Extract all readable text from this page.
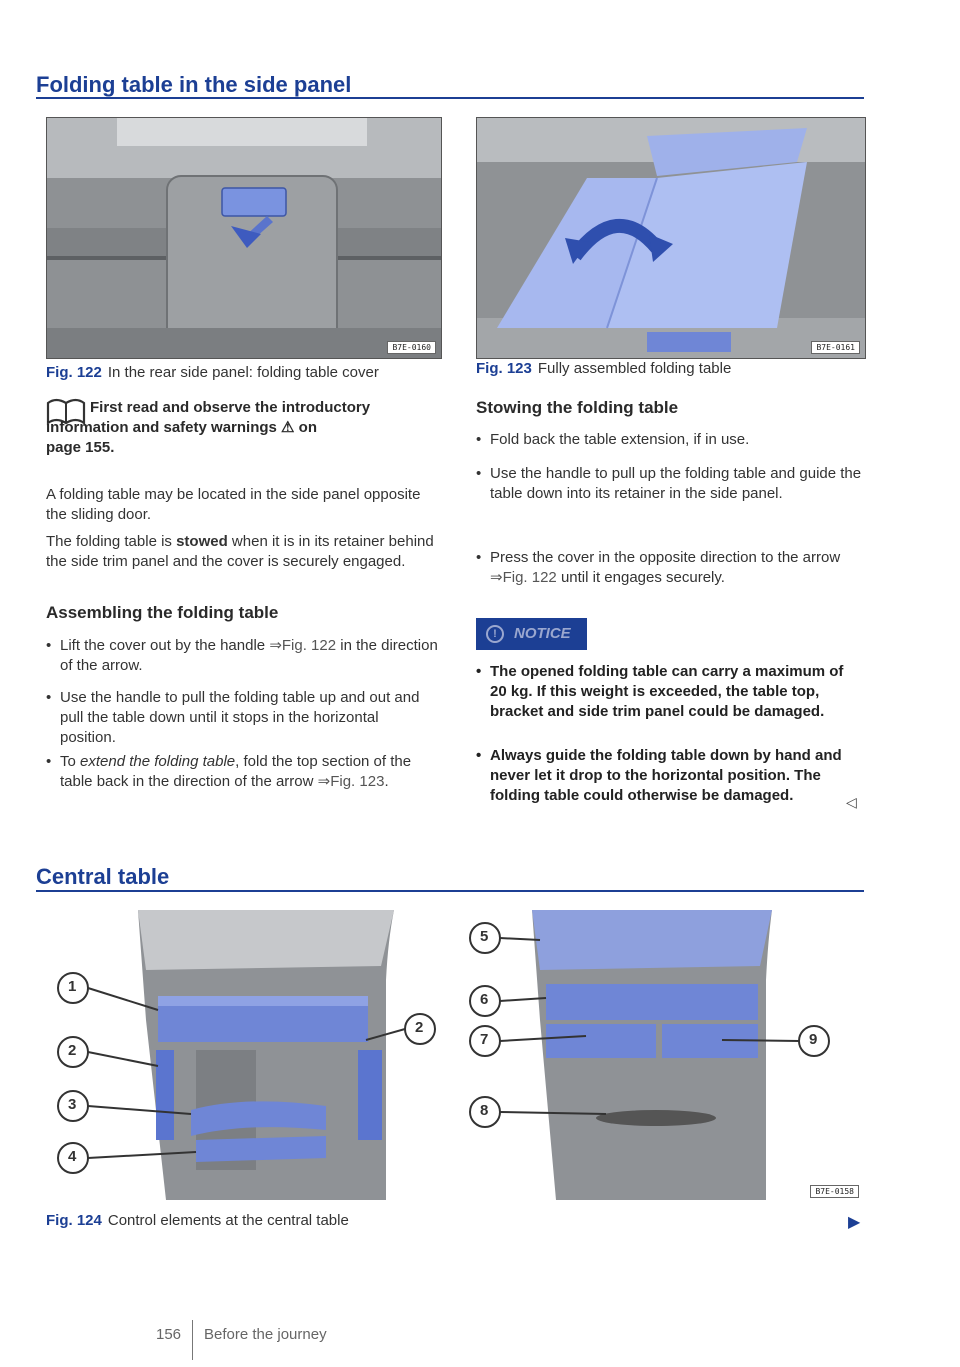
Folding table in the side panel
B7E-0160
Fig. 122 In the rear side panel: folding table cover
B7E-0161
Fig. 123 Fully assembled folding table
First read and observe the introductory information and safety warnings ⚠ on
page 155.

A folding table may be located in the side panel opposite the sliding door.

The folding table is stowed when it is in its retainer behind the side trim panel and the cover is securely engaged.

Assembling the folding table
• Lift the cover out by the handle ⇒Fig. 122 in the direction of the arrow.
• Use the handle to pull the folding table up and out and pull the table down until it stops in the horizontal position.
• To extend the folding table, fold the top section of the table back in the direction of the arrow ⇒Fig. 123.
Stowing the folding table
• Fold back the table extension, if in use.
• Use the handle to pull up the folding table and guide the table down into its retainer in the side panel.
• Press the cover in the opposite direction to the arrow ⇒Fig. 122 until it engages securely.
! NOTICE
• The opened folding table can carry a maximum of 20 kg. If this weight is exceeded, the table top, bracket and side trim panel could be damaged.
• Always guide the folding table down by hand and never let it drop to the horizontal position. The folding table could otherwise be damaged.	◁
Central table
1
2
2
3
4
5
6
7	9
8
B7E-0158
Fig. 124 Control elements at the central table	▶
156 Before the journey
